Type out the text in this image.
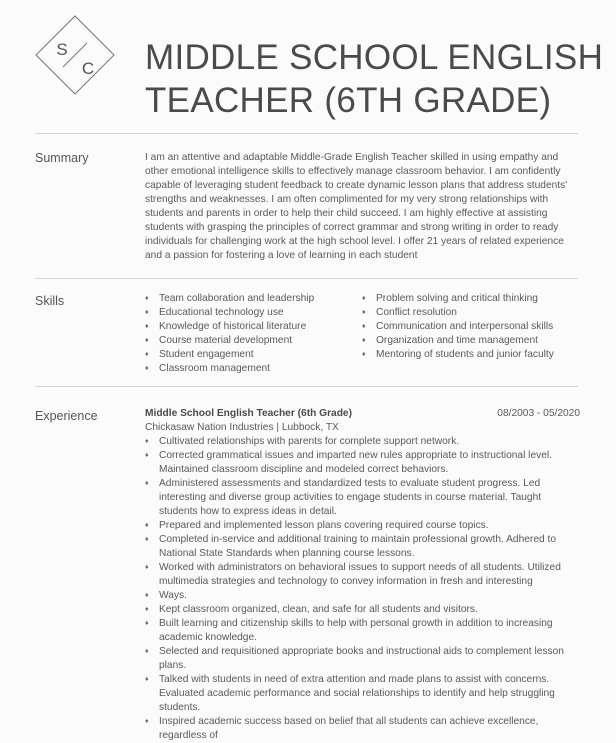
S
C MIDDLE SCHOOL ENGLISH
TEACHER (6TH GRADE)
Summary	I am an attentive and adaptable Middle-Grade English Teacher skilled in using empathy and other emotional intelligence skills to effectively manage classroom behavior. I am confidently capable of leveraging student feedback to create dynamic lesson plans that address students' strengths and weaknesses. I am often complimented for my very strong relationships with students and parents in order to help their child succeed. I am highly effective at assisting students with grasping the principles of correct grammar and strong writing in order to ready individuals for challenging work at the high school level. I offer 21 years of related experience and a passion for fostering a love of learning in each student
Skills	♦ Team collaboration and leadership
♦ Educational technology use
♦ Knowledge of historical literature
♦ Course material development
♦ Student engagement
♦ Classroom management
♦ Problem solving and critical thinking
♦ Conflict resolution
♦ Communication and interpersonal skills
♦ Organization and time management
♦ Mentoring of students and junior faculty
Experience	Middle School English Teacher (6th Grade)	08/2003 - 05/2020
Chickasaw Nation Industries | Lubbock, TX
♦ Cultivated relationships with parents for complete support network.
♦ Corrected grammatical issues and imparted new rules appropriate to instructional level. Maintained classroom discipline and modeled correct behaviors.
♦ Administered assessments and standardized tests to evaluate student progress. Led interesting and diverse group activities to engage students in course material. Taught students how to express ideas in detail.
♦ Prepared and implemented lesson plans covering required course topics.
♦ Completed in-service and additional training to maintain professional growth. Adhered to National State Standards when planning course lessons.
♦ Worked with administrators on behavioral issues to support needs of all students. Utilized multimedia strategies and technology to convey information in fresh and interesting
♦ Ways.
♦ Kept classroom organized, clean, and safe for all students and visitors.
♦ Built learning and citizenship skills to help with personal growth in addition to increasing academic knowledge.
♦ Selected and requisitioned appropriate books and instructional aids to complement lesson plans.
♦ Talked with students in need of extra attention and made plans to assist with concerns. Evaluated academic performance and social relationships to identify and help struggling students.
♦ Inspired academic success based on belief that all students can achieve excellence, regardless of
